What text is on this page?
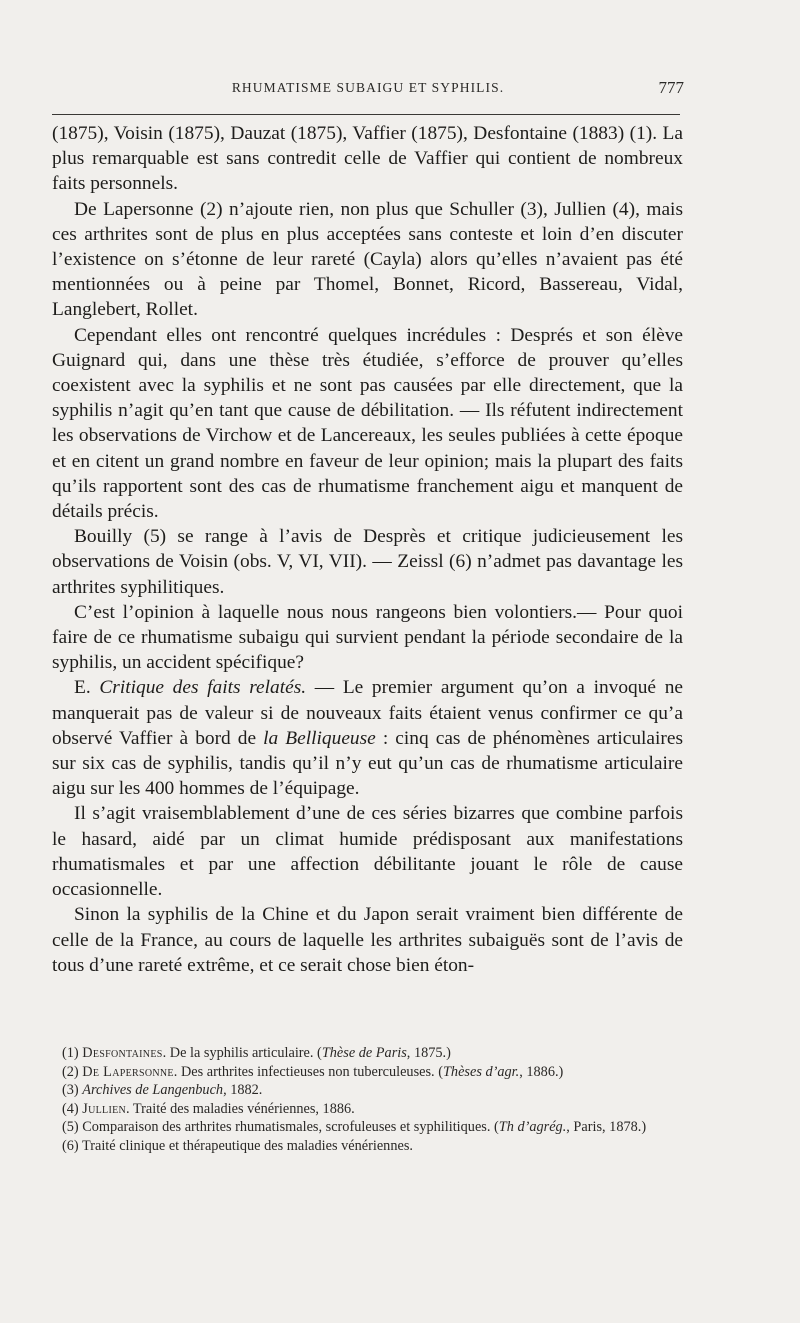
RHUMATISME SUBAIGU ET SYPHILIS.	777

(1875), Voisin (1875), Dauzat (1875), Vaffier (1875), Desfontaine (1883) (1). La plus remarquable est sans contredit celle de Vaffier qui contient de nombreux faits personnels.

De Lapersonne (2) n’ajoute rien, non plus que Schuller (3), Jullien (4), mais ces arthrites sont de plus en plus acceptées sans conteste et loin d’en discuter l’existence on s’étonne de leur rareté (Cayla) alors qu’elles n’avaient pas été mentionnées ou à peine par Thomel, Bonnet, Ricord, Bassereau, Vidal, Langlebert, Rollet.

Cependant elles ont rencontré quelques incrédules : Després et son élève Guignard qui, dans une thèse très étudiée, s’efforce de prouver qu’elles coexistent avec la syphilis et ne sont pas causées par elle directement, que la syphilis n’agit qu’en tant que cause de débilitation. — Ils réfutent indirectement les observations de Virchow et de Lancereaux, les seules publiées à cette époque et en citent un grand nombre en faveur de leur opinion; mais la plupart des faits qu’ils rapportent sont des cas de rhumatisme franchement aigu et manquent de détails précis.

Bouilly (5) se range à l’avis de Desprès et critique judicieusement les observations de Voisin (obs. V, VI, VII). — Zeissl (6) n’admet pas davantage les arthrites syphilitiques.

C’est l’opinion à laquelle nous nous rangeons bien volontiers.— Pour quoi faire de ce rhumatisme subaigu qui survient pendant la période secondaire de la syphilis, un accident spécifique?

E. Critique des faits relatés. — Le premier argument qu’on a invoqué ne manquerait pas de valeur si de nouveaux faits étaient venus confirmer ce qu’a observé Vaffier à bord de la Belliqueuse : cinq cas de phénomènes articulaires sur six cas de syphilis, tandis qu’il n’y eut qu’un cas de rhumatisme articulaire aigu sur les 400 hommes de l’équipage.

Il s’agit vraisemblablement d’une de ces séries bizarres que combine parfois le hasard, aidé par un climat humide prédisposant aux manifestations rhumatismales et par une affection débilitante jouant le rôle de cause occasionnelle.

Sinon la syphilis de la Chine et du Japon serait vraiment bien différente de celle de la France, au cours de laquelle les arthrites subaiguës sont de l’avis de tous d’une rareté extrême, et ce serait chose bien éton-

(1) Desfontaines. De la syphilis articulaire. (Thèse de Paris, 1875.)

(2) De Lapersonne. Des arthrites infectieuses non tuberculeuses. (Thèses d’agr., 1886.)

(3) Archives de Langenbuch, 1882.

(4) Jullien. Traité des maladies vénériennes, 1886.

(5) Comparaison des arthrites rhumatismales, scrofuleuses et syphilitiques. (Th d’agrég., Paris, 1878.)

(6) Traité clinique et thérapeutique des maladies vénériennes.
